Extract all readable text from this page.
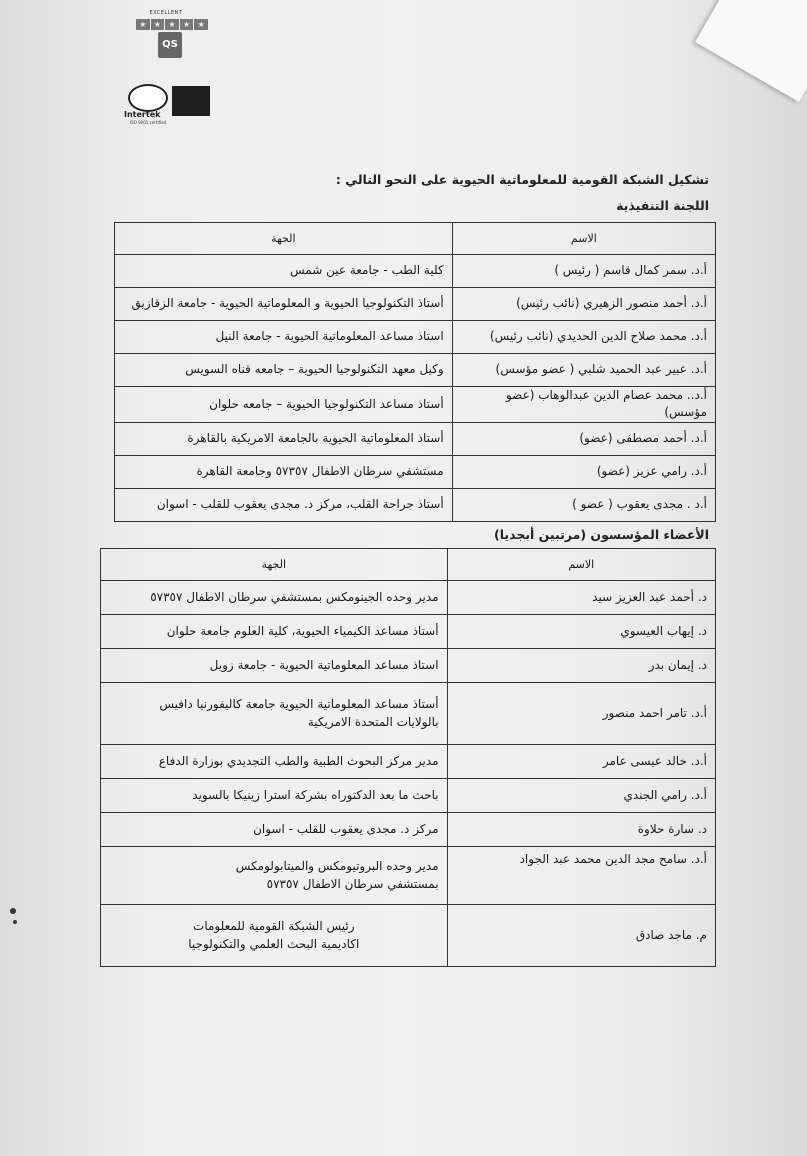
EXCELLENT
★ ★ ★ ★ ★
QS
Intertek
ISO 9001 certified
تشكيل الشبكة القومية للمعلوماتية الحيوية على النحو التالي :
اللجنة التنفيذية
الاسم	الجهة
أ.د. سمر كمال قاسم ( رئيس )	كلية الطب - جامعة عين شمس
أ.د. أحمد منصور الزهيري (نائب رئيس)	أستاذ التكنولوجيا الحيوية و المعلوماتية الحيوية - جامعة الزقازيق
أ.د. محمد صلاح الدين الحديدي (نائب رئيس)	استاذ مساعد المعلوماتية الحيوية - جامعة النيل
أ.د. عبير عبد الحميد شلبي ( عضو مؤسس)	وكيل معهد التكنولوجيا الحيوية – جامعه قناه السويس
أ.د.. محمد عصام الدين عبدالوهاب (عضو مؤسس)	أستاذ مساعد التكنولوجيا الحيوية – جامعه حلوان
أ.د. أحمد مصطفى (عضو)	أستاذ المعلوماتية الحيوية بالجامعة الامريكية بالقاهرة
أ.د. رامي عزيز (عضو)	مستشفي سرطان الاطفال ٥٧٣٥٧ وجامعة القاهرة
أ.د . مجدى يعقوب ( عضو )	أستاذ جراحة القلب، مركز د. مجدى يعقوب للقلب - اسوان
الأعضاء المؤسسون (مرتبين أبجديا)
الاسم	الجهة
د. أحمد عبد العزيز سيد	مدير وحده الجينومكس بمستشفي سرطان الاطفال ٥٧٣٥٧
د. إيهاب العيسوي	أستاذ مساعد الكيمياء الحيوية، كلية العلوم جامعة حلوان
د. إيمان بدر	استاذ مساعد المعلوماتية الحيوية - جامعة زويل
أ.د. تامر احمد منصور	أستاذ مساعد المعلوماتية الحيوية جامعة كاليفورنيا دافيس
بالولايات المتحدة الامريكية

أ.د. خالد عيسى عامر	مدير مركز البحوث الطبية والطب التجديدي بوزارة الدفاع
أ.د. رامي الجندي	باحث ما بعد الدكتوراه بشركة استرا زينيكا بالسويد
د. سارة حلاوة	مركز د. مجدى يعقوب للقلب - اسوان
أ.د. سامح مجد الدين محمد عبد الجواد	مدير وحده البروتيومكس والميتابولومكس
بمستشفي سرطان الاطفال ٥٧٣٥٧

م. ماجد صادق	رئيس الشبكة القومية للمعلومات
اكاديمية البحث العلمي والتكنولوجيا
